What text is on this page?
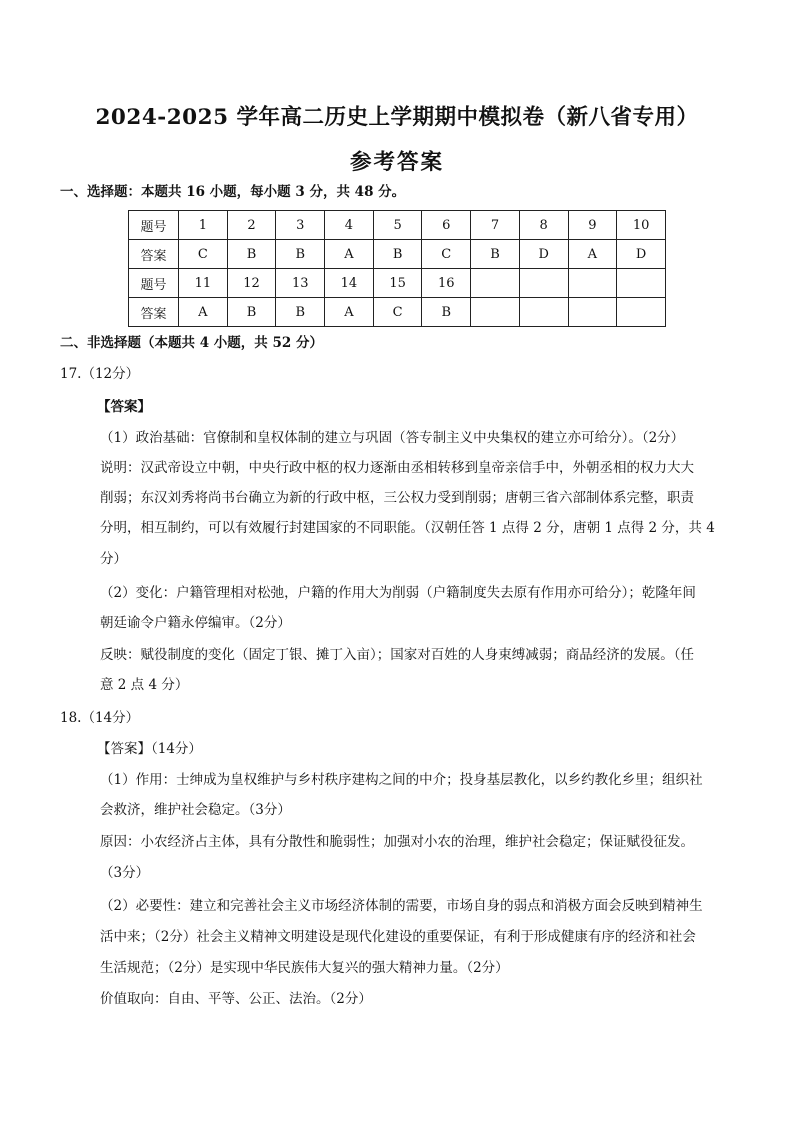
2024-2025 学年高二历史上学期期中模拟卷（新八省专用）
参考答案
一、选择题：本题共 16 小题，每小题 3 分，共 48 分。
题号	1	2	3	4	5	6	7	8	9	10
答案	C	B	B	A	B	C	B	D	A	D
题号	11	12	13	14	15	16				
答案	A	B	B	A	C	B				
二、非选择题（本题共 4 小题，共 52 分）
17.（12分）
【答案】
（1）政治基础：官僚制和皇权体制的建立与巩固（答专制主义中央集权的建立亦可给分）。（2分）
说明：汉武帝设立中朝，中央行政中枢的权力逐渐由丞相转移到皇帝亲信手中，外朝丞相的权力大大
削弱；东汉刘秀将尚书台确立为新的行政中枢，三公权力受到削弱；唐朝三省六部制体系完整，职责
分明，相互制约，可以有效履行封建国家的不同职能。（汉朝任答 1 点得 2 分，唐朝 1 点得 2 分，共 4
分）
（2）变化：户籍管理相对松弛，户籍的作用大为削弱（户籍制度失去原有作用亦可给分）；乾隆年间
朝廷谕令户籍永停编审。（2分）
反映：赋役制度的变化（固定丁银、摊丁入亩）；国家对百姓的人身束缚减弱；商品经济的发展。（任
意 2 点 4 分）
18.（14分）
【答案】（14分）
（1）作用：士绅成为皇权维护与乡村秩序建构之间的中介；投身基层教化，以乡约教化乡里；组织社
会救济，维护社会稳定。（3分）
原因：小农经济占主体，具有分散性和脆弱性；加强对小农的治理，维护社会稳定；保证赋役征发。
（3分）
（2）必要性：建立和完善社会主义市场经济体制的需要，市场自身的弱点和消极方面会反映到精神生
活中来；（2分）社会主义精神文明建设是现代化建设的重要保证，有利于形成健康有序的经济和社会
生活规范；（2分）是实现中华民族伟大复兴的强大精神力量。（2分）
价值取向：自由、平等、公正、法治。（2分）
